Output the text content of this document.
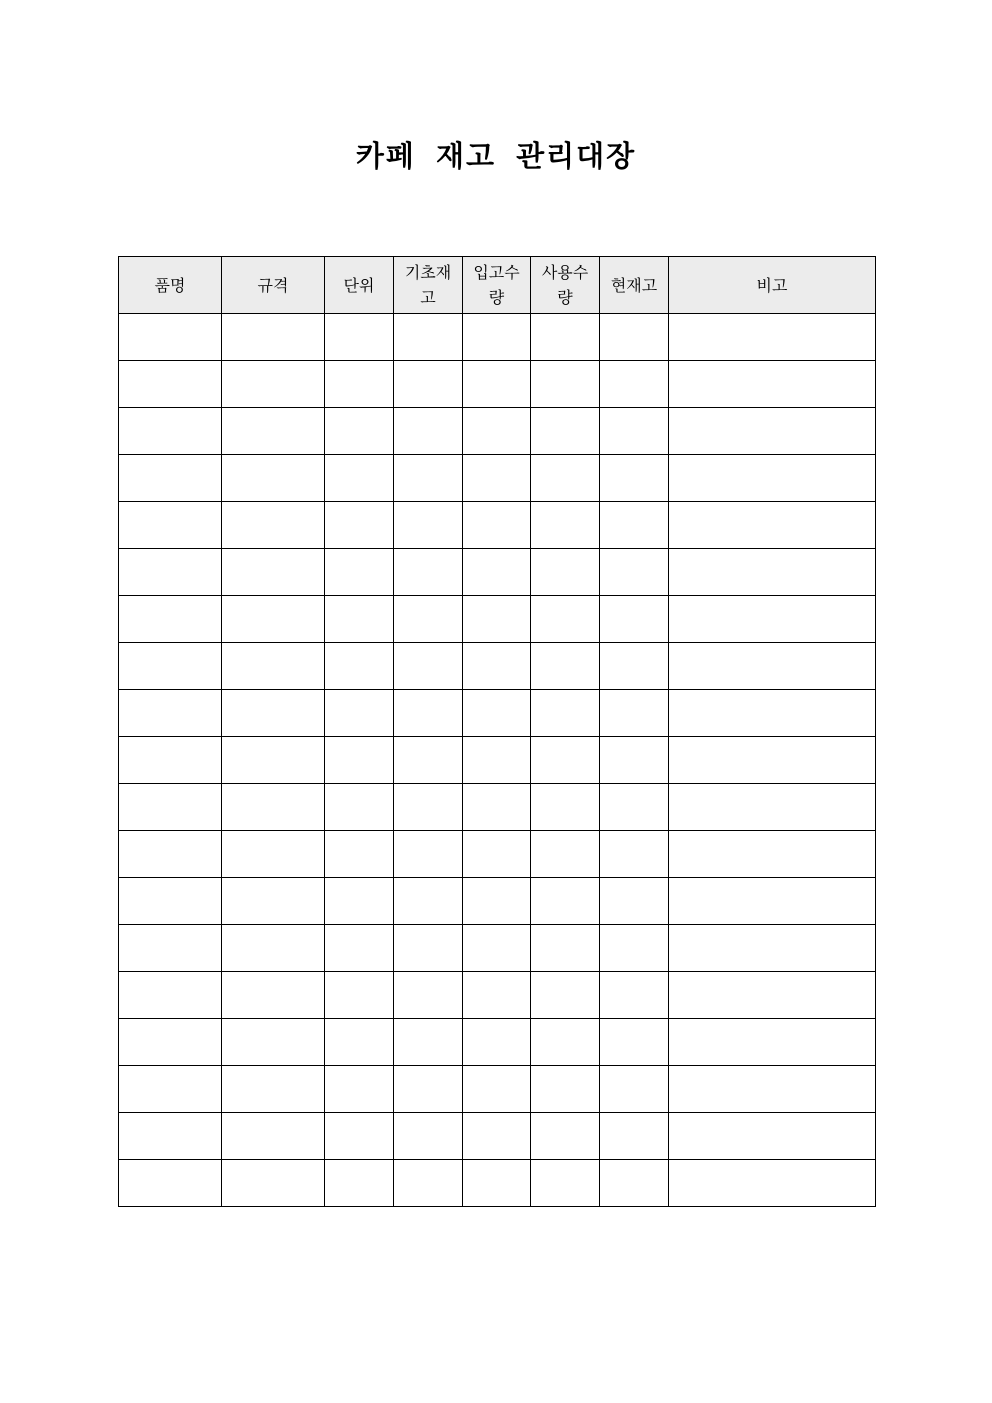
카페 재고 관리대장
품명	규격	단위	기초재고	입고수량	사용수량	현재고	비고
